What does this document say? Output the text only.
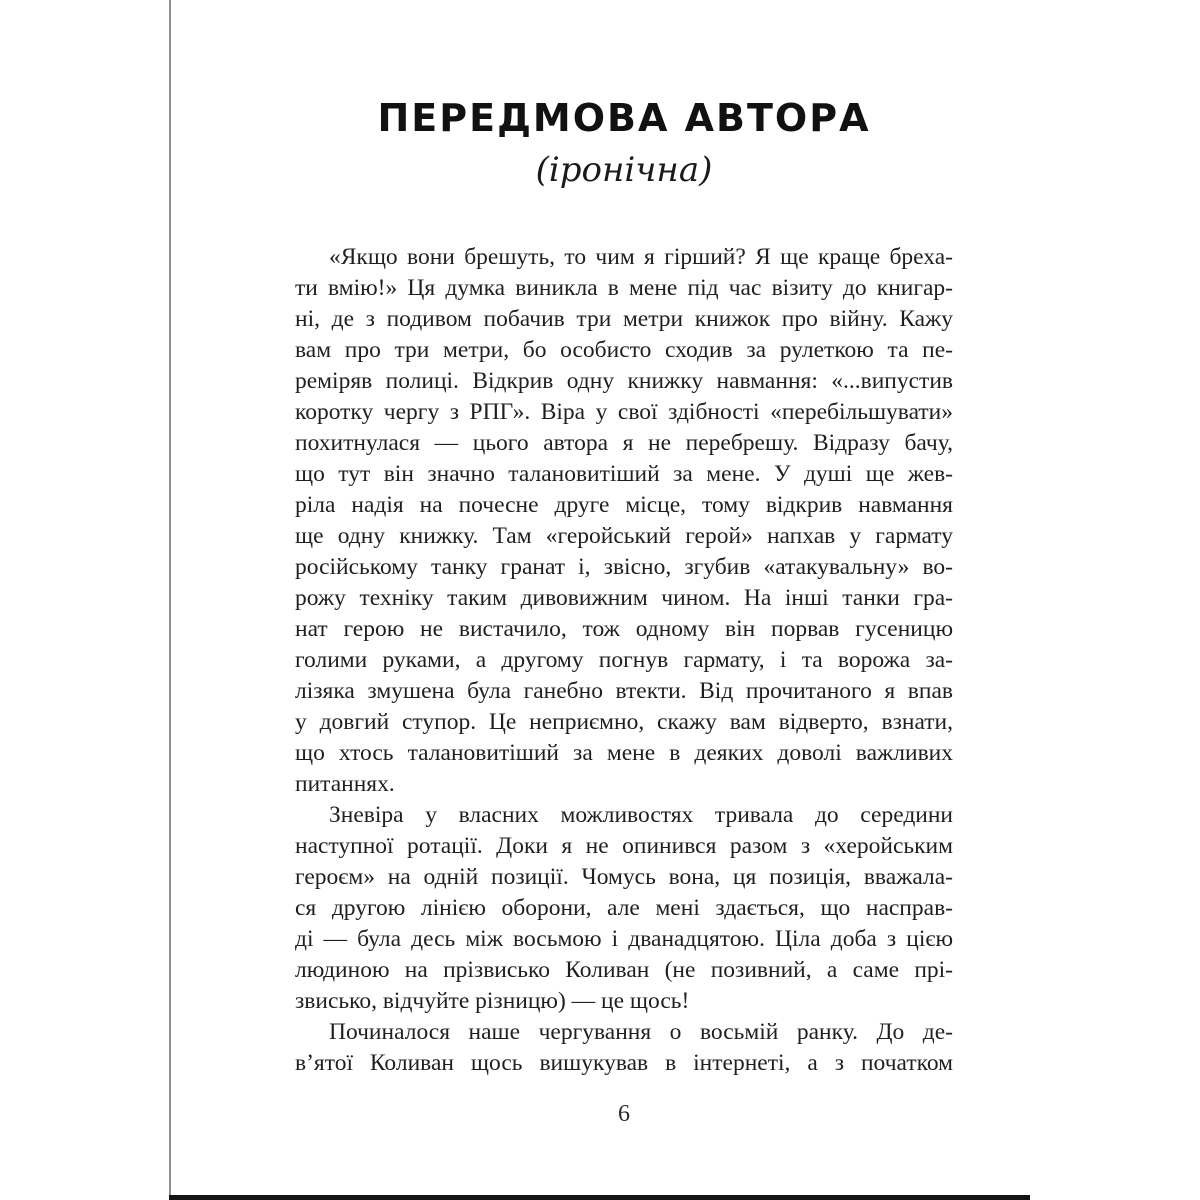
ПЕРЕДМОВА АВТОРА
(іронічна)

«Якщо вони брешуть, то чим я гірший? Я ще краще бреха-
ти вмію!» Ця думка виникла в мене під час візиту до книгар-
ні, де з подивом побачив три метри книжок про війну. Кажу
вам про три метри, бо особисто сходив за рулеткою та пе-
реміряв полиці. Відкрив одну книжку навмання: «...випустив
коротку чергу з РПГ». Віра у свої здібності «перебільшувати»
похитнулася — цього автора я не перебрешу. Відразу бачу,
що тут він значно талановитіший за мене. У душі ще жев-
ріла надія на почесне друге місце, тому відкрив навмання
ще одну книжку. Там «геройський герой» напхав у гармату
російському танку гранат і, звісно, згубив «атакувальну» во-
рожу техніку таким дивовижним чином. На інші танки гра-
нат герою не вистачило, тож одному він порвав гусеницю
голими руками, а другому погнув гармату, і та ворожа за-
лізяка змушена була ганебно втекти. Від прочитаного я впав
у довгий ступор. Це неприємно, скажу вам відверто, взнати,
що хтось талановитіший за мене в деяких доволі важливих
питаннях.

Зневіра у власних можливостях тривала до середини
наступної ротації. Доки я не опинився разом з «херойським
героєм» на одній позиції. Чомусь вона, ця позиція, вважала-
ся другою лінією оборони, але мені здається, що насправ-
ді — була десь між восьмою і дванадцятою. Ціла доба з цією
людиною на прізвисько Коливан (не позивний, а саме прі-
звисько, відчуйте різницю) — це щось!

Починалося наше чергування о восьмій ранку. До де-
в’ятої Коливан щось вишукував в інтернеті, а з початком

6
